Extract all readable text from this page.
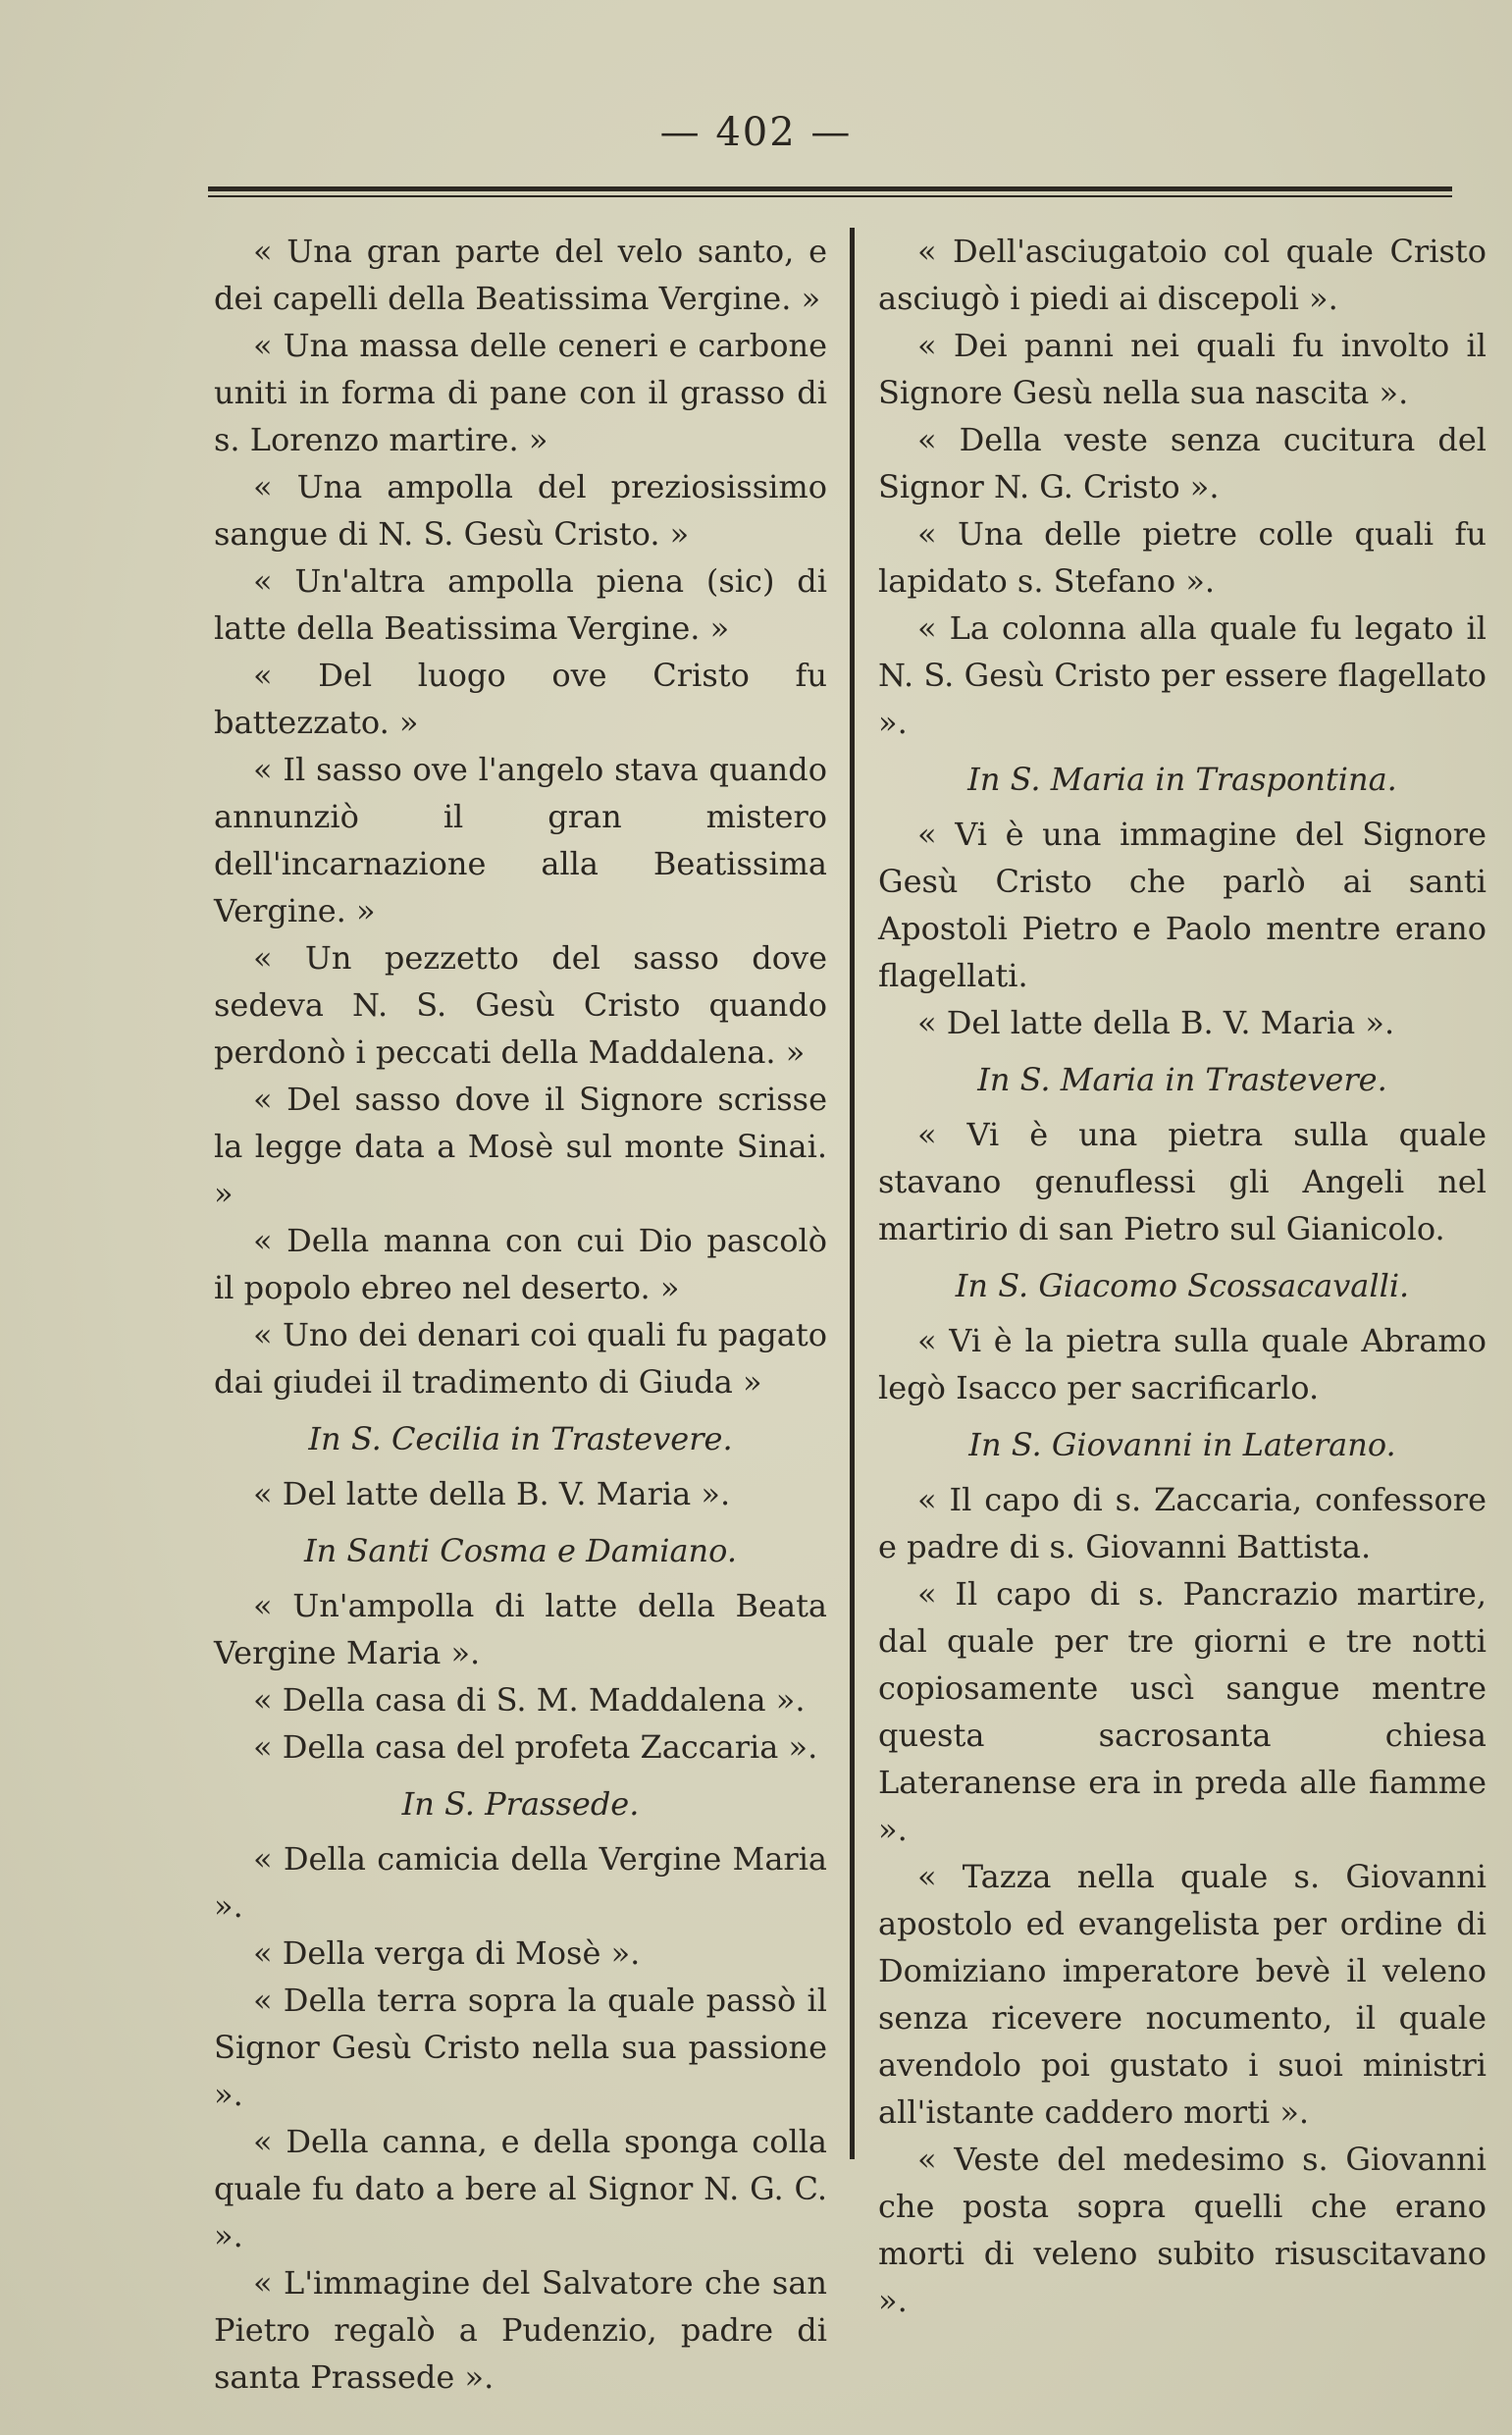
— 402 —

« Una gran parte del velo santo, e dei capelli della Beatissima Vergine. »

« Una massa delle ceneri e carbone uniti in forma di pane con il grasso di s. Lorenzo martire. »

« Una ampolla del preziosissimo sangue di N. S. Gesù Cristo. »

« Un'altra ampolla piena (sic) di latte della Beatissima Vergine. »

« Del luogo ove Cristo fu battezzato. »

« Il sasso ove l'angelo stava quando annunziò il gran mistero dell'incarnazione alla Beatissima Vergine. »

« Un pezzetto del sasso dove sedeva N. S. Gesù Cristo quando perdonò i peccati della Maddalena. »

« Del sasso dove il Signore scrisse la legge data a Mosè sul monte Sinai. »

« Della manna con cui Dio pascolò il popolo ebreo nel deserto. »

« Uno dei denari coi quali fu pagato dai giudei il tradimento di Giuda »

In S. Cecilia in Trastevere.

« Del latte della B. V. Maria ».

In Santi Cosma e Damiano.

« Un'ampolla di latte della Beata Vergine Maria ».

« Della casa di S. M. Maddalena ».

« Della casa del profeta Zaccaria ».

In S. Prassede.

« Della camicia della Vergine Maria ».

« Della verga di Mosè ».

« Della terra sopra la quale passò il Signor Gesù Cristo nella sua passione ».

« Della canna, e della sponga colla quale fu dato a bere al Signor N. G. C. ».

« L'immagine del Salvatore che san Pietro regalò a Pudenzio, padre di santa Prassede ».

« Dell'asciugatoio col quale Cristo asciugò i piedi ai discepoli ».

« Dei panni nei quali fu involto il Signore Gesù nella sua nascita ».

« Della veste senza cucitura del Signor N. G. Cristo ».

« Una delle pietre colle quali fu lapidato s. Stefano ».

« La colonna alla quale fu legato il N. S. Gesù Cristo per essere flagellato ».

In S. Maria in Traspontina.

« Vi è una immagine del Signore Gesù Cristo che parlò ai santi Apostoli Pietro e Paolo mentre erano flagellati.

« Del latte della B. V. Maria ».

In S. Maria in Trastevere.

« Vi è una pietra sulla quale stavano genuflessi gli Angeli nel martirio di san Pietro sul Gianicolo.

In S. Giacomo Scossacavalli.

« Vi è la pietra sulla quale Abramo legò Isacco per sacrificarlo.

In S. Giovanni in Laterano.

« Il capo di s. Zaccaria, confessore e padre di s. Giovanni Battista.

« Il capo di s. Pancrazio martire, dal quale per tre giorni e tre notti copiosamente uscì sangue mentre questa sacrosanta chiesa Lateranense era in preda alle fiamme ».

« Tazza nella quale s. Giovanni apostolo ed evangelista per ordine di Domiziano imperatore bevè il veleno senza ricevere nocumento, il quale avendolo poi gustato i suoi ministri all'istante caddero morti ».

« Veste del medesimo s. Giovanni che posta sopra quelli che erano morti di veleno subito risuscitavano ».
